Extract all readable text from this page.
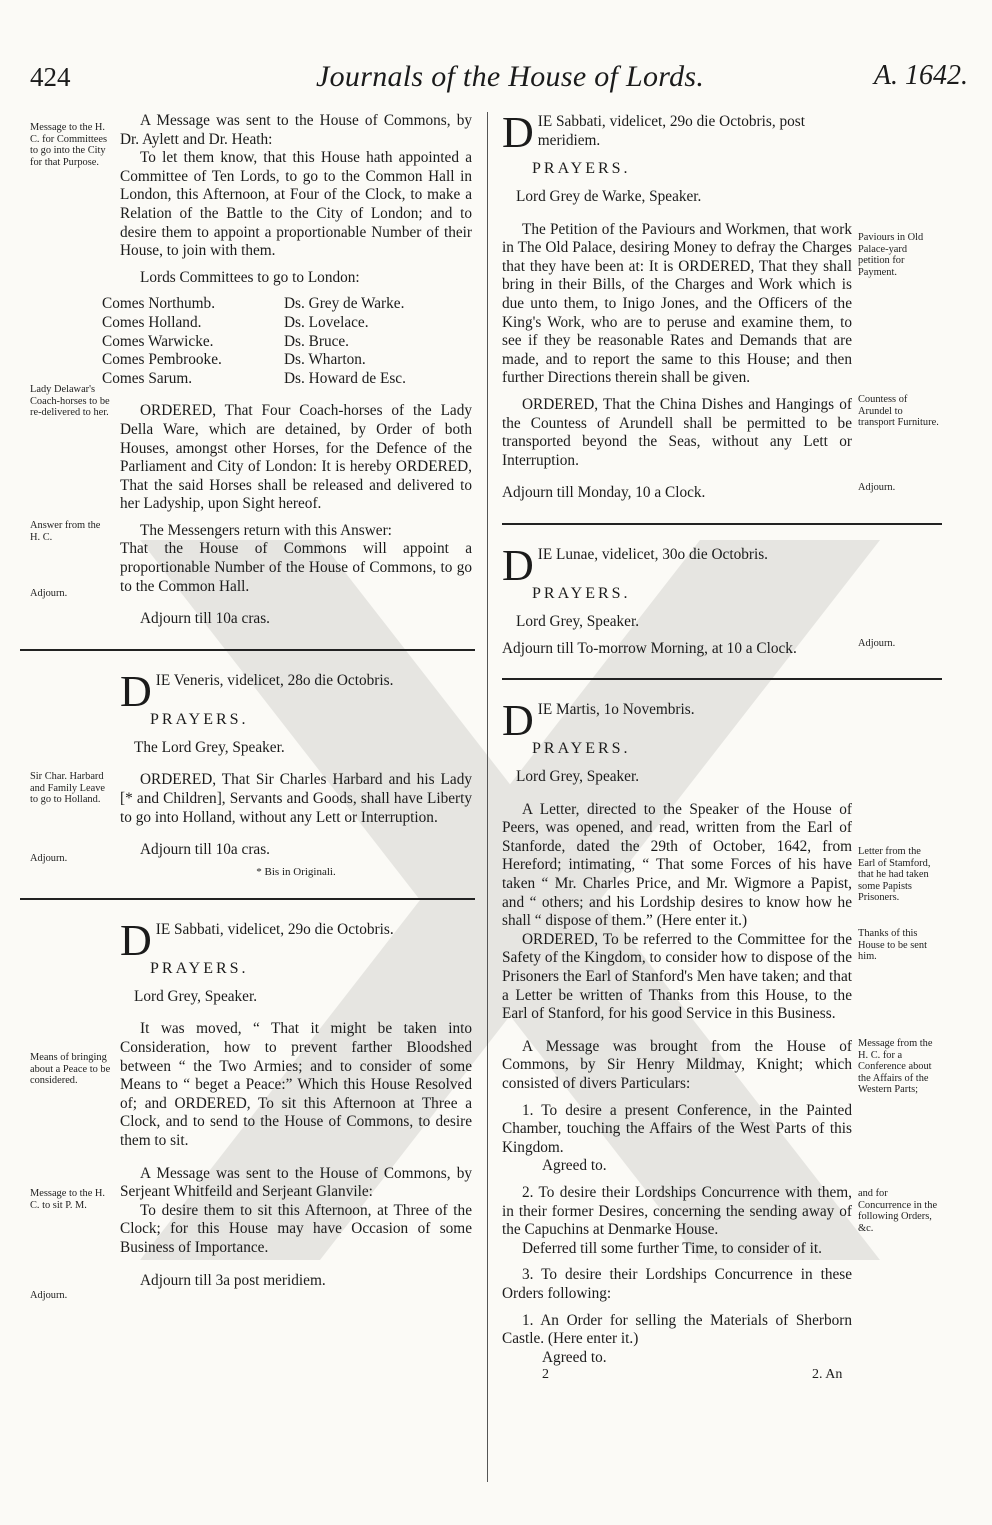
424	Journals of the House of Lords.	A. 1642.
Message to the H. C. for Committees to go into the City for that Purpose.
Lady Delawar's Coach-horses to be re-delivered to her.
Answer from the H. C.
Adjourn.
Sir Char. Harbard and Family Leave to go to Holland.
Adjourn.
Means of bringing about a Peace to be considered.
Message to the H. C. to sit P. M.
Adjourn.
Paviours in Old Palace-yard petition for Payment.
Countess of Arundel to transport Furniture.
Adjourn.
Adjourn.
Letter from the Earl of Stamford, that he had taken some Papists Prisoners.
Thanks of this House to be sent him.
Message from the H. C. for a Conference about the Affairs of the Western Parts;
and for Concurrence in the following Orders, &c.

A Message was sent to the House of Commons, by Dr. Aylett and Dr. Heath:

To let them know, that this House hath appointed a Committee of Ten Lords, to go to the Common Hall in London, this Afternoon, at Four of the Clock, to make a Relation of the Battle to the City of London; and to desire them to appoint a proportionable Number of their House, to join with them.

Lords Committees to go to London:

Comes Northumb.	Ds. Grey de Warke.
Comes Holland.	Ds. Lovelace.
Comes Warwicke.	Ds. Bruce.
Comes Pembrooke.	Ds. Wharton.
Comes Sarum.	Ds. Howard de Esc.

ORDERED, That Four Coach-horses of the Lady Della Ware, which are detained, by Order of both Houses, amongst other Horses, for the Defence of the Parliament and City of London: It is hereby ORDERED, That the said Horses shall be released and delivered to her Ladyship, upon Sight hereof.

The Messengers return with this Answer:

That the House of Commons will appoint a proportionable Number of the House of Commons, to go to the Common Hall.

Adjourn till 10a cras.

D IE Veneris, videlicet, 28o die Octobris.
PRAYERS.

The Lord Grey, Speaker.

ORDERED, That Sir Charles Harbard and his Lady [* and Children], Servants and Goods, shall have Liberty to go into Holland, without any Lett or Interruption.

Adjourn till 10a cras.

* Bis in Originali.
D IE Sabbati, videlicet, 29o die Octobris.
PRAYERS.

Lord Grey, Speaker.

It was moved, “ That it might be taken into Consideration, how to prevent farther Bloodshed between “ the Two Armies; and to consider of some Means to “ beget a Peace:” Which this House Resolved of; and ORDERED, To sit this Afternoon at Three a Clock, and to send to the House of Commons, to desire them to sit.

A Message was sent to the House of Commons, by Serjeant Whitfeild and Serjeant Glanvile:

To desire them to sit this Afternoon, at Three of the Clock; for this House may have Occasion of some Business of Importance.

Adjourn till 3a post meridiem.

D IE Sabbati, videlicet, 29o die Octobris, post meridiem.
PRAYERS.

Lord Grey de Warke, Speaker.

The Petition of the Paviours and Workmen, that work in The Old Palace, desiring Money to defray the Charges that they have been at: It is ORDERED, That they shall bring in their Bills, of the Charges and Work which is due unto them, to Inigo Jones, and the Officers of the King's Work, who are to peruse and examine them, to see if they be reasonable Rates and Demands that are made, and to report the same to this House; and then further Directions therein shall be given.

ORDERED, That the China Dishes and Hangings of the Countess of Arundell shall be permitted to be transported beyond the Seas, without any Lett or Interruption.

Adjourn till Monday, 10 a Clock.

D IE Lunae, videlicet, 30o die Octobris.
PRAYERS.

Lord Grey, Speaker.

Adjourn till To-morrow Morning, at 10 a Clock.

D IE Martis, 1o Novembris.
PRAYERS.

Lord Grey, Speaker.

A Letter, directed to the Speaker of the House of Peers, was opened, and read, written from the Earl of Stanforde, dated the 29th of October, 1642, from Hereford; intimating, “ That some Forces of his have taken “ Mr. Charles Price, and Mr. Wigmore a Papist, and “ others; and his Lordship desires to know how he shall “ dispose of them.” (Here enter it.)

ORDERED, To be referred to the Committee for the Safety of the Kingdom, to consider how to dispose of the Prisoners the Earl of Stanford's Men have taken; and that a Letter be written of Thanks from this House, to the Earl of Stanford, for his good Service in this Business.

A Message was brought from the House of Commons, by Sir Henry Mildmay, Knight; which consisted of divers Particulars:

1. To desire a present Conference, in the Painted Chamber, touching the Affairs of the West Parts of this Kingdom.

Agreed to.

2. To desire their Lordships Concurrence with them, in their former Desires, concerning the sending away of the Capuchins at Denmarke House.

Deferred till some further Time, to consider of it.

3. To desire their Lordships Concurrence in these Orders following:

1. An Order for selling the Materials of Sherborn Castle. (Here enter it.)

Agreed to.

2	2. An
